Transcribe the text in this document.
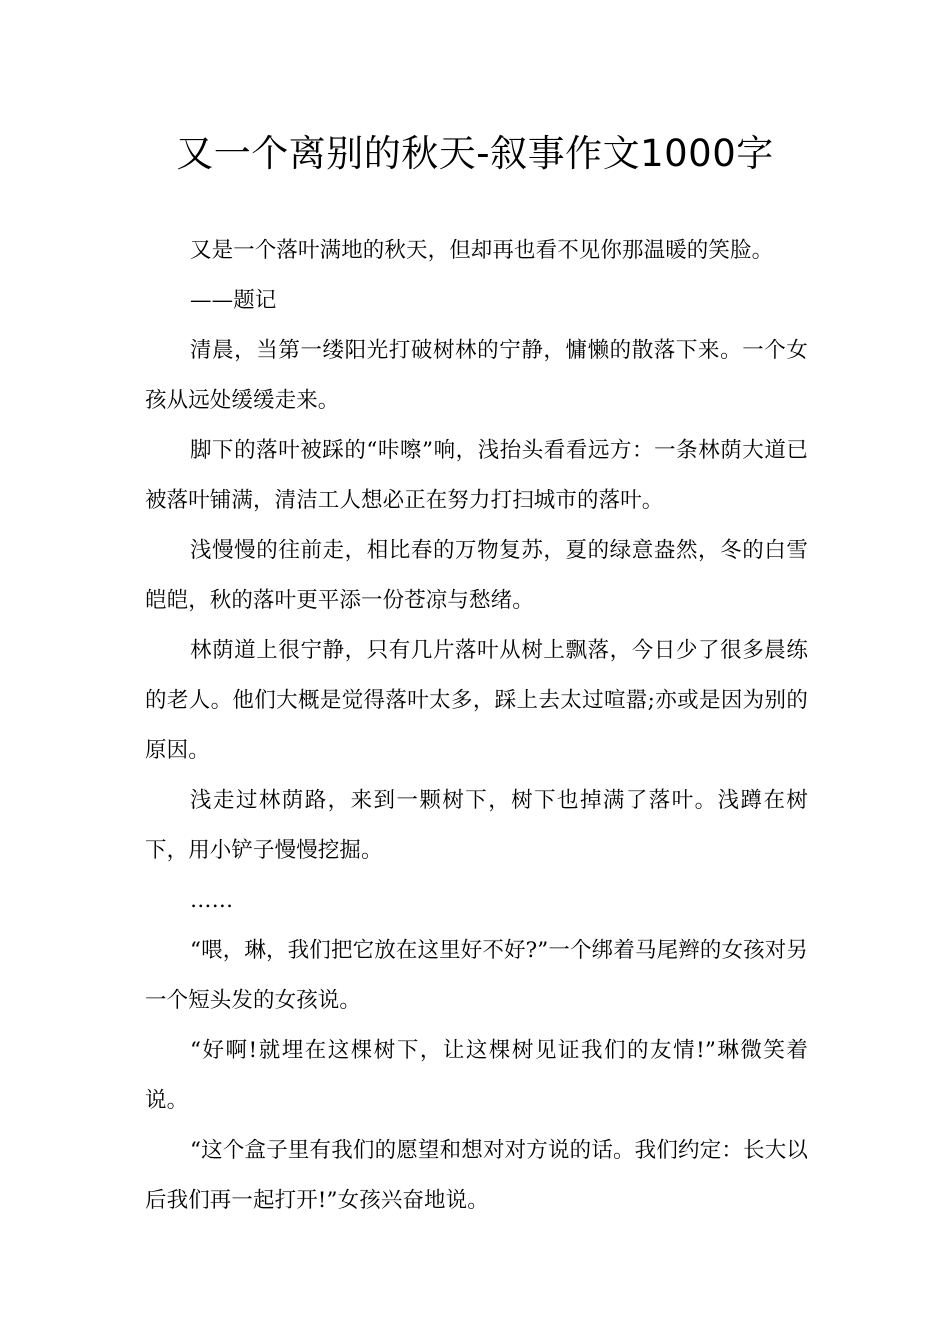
又一个离别的秋天-叙事作文1000字

又是一个落叶满地的秋天，但却再也看不见你那温暖的笑脸。

——题记

清晨，当第一缕阳光打破树林的宁静，慵懒的散落下来。一个女孩从远处缓缓走来。

脚下的落叶被踩的“咔嚓”响，浅抬头看看远方：一条林荫大道已被落叶铺满，清洁工人想必正在努力打扫城市的落叶。

浅慢慢的往前走，相比春的万物复苏，夏的绿意盎然，冬的白雪皑皑，秋的落叶更平添一份苍凉与愁绪。

林荫道上很宁静，只有几片落叶从树上飘落，今日少了很多晨练的老人。他们大概是觉得落叶太多，踩上去太过喧嚣;亦或是因为别的原因。

浅走过林荫路，来到一颗树下，树下也掉满了落叶。浅蹲在树下，用小铲子慢慢挖掘。

……

“喂，琳，我们把它放在这里好不好?”一个绑着马尾辫的女孩对另一个短头发的女孩说。

“好啊!就埋在这棵树下，让这棵树见证我们的友情!”琳微笑着说。

“这个盒子里有我们的愿望和想对对方说的话。我们约定：长大以后我们再一起打开!”女孩兴奋地说。
